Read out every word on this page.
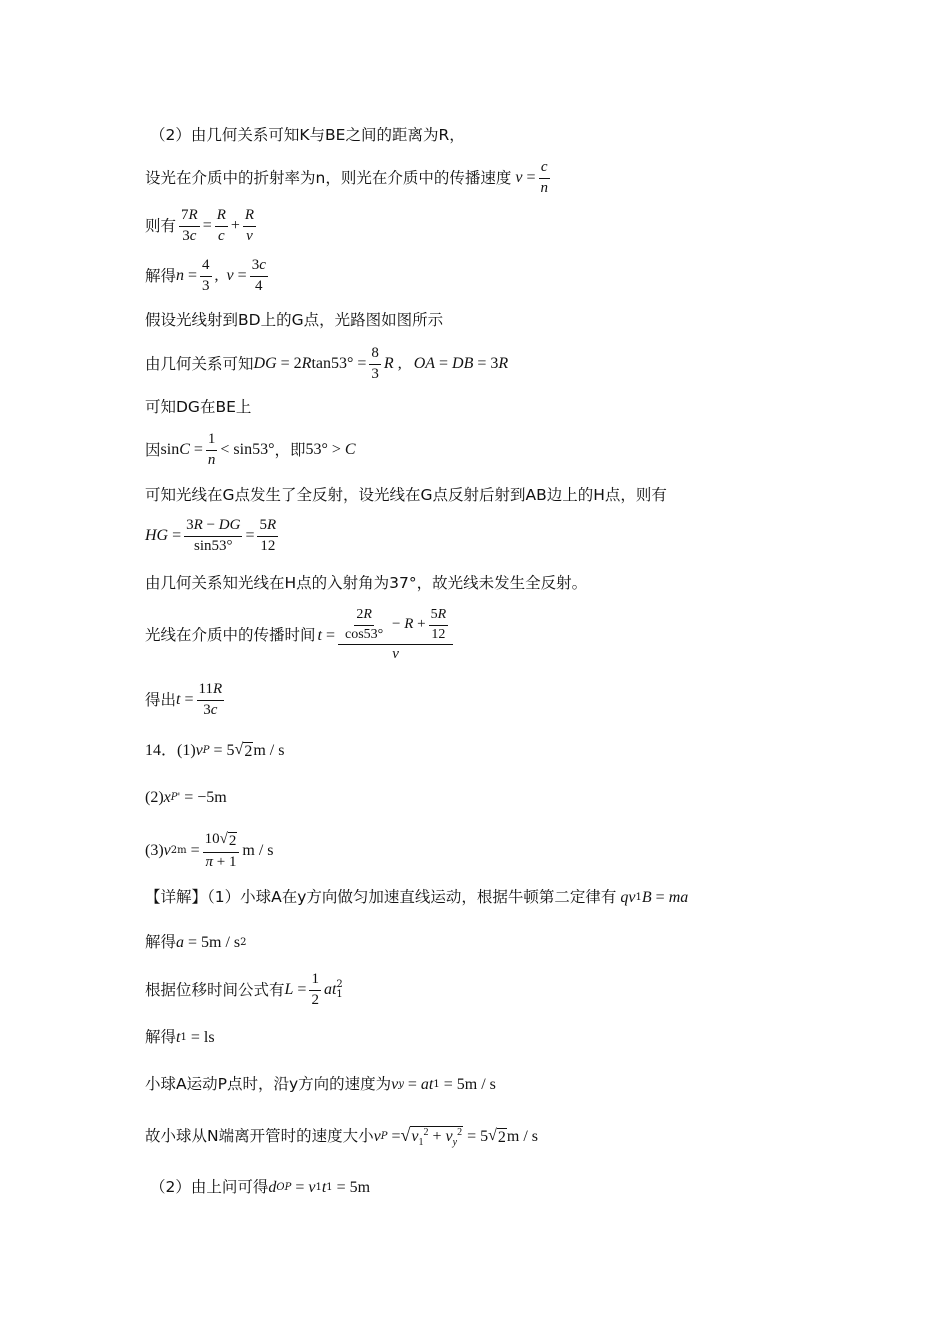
（2）由几何关系可知K与BE之间的距离为R，
设光在介质中的折射率为n，则光在介质中的传播速度 $v = \frac{c}{n}$
则有 $\frac{7R}{3c} = \frac{R}{c} + \frac{R}{v}$
解得 $n = \frac{4}{3}$ , $v = \frac{3c}{4}$
假设光线射到BD上的G点，光路图如图所示
由几何关系可知 DG = $2Rtan53^\circ = \frac{8}{3}$ R ,   OA = DB = 3R
可知DG在BE上
因 $\sin C = \frac{1}{n} < \sin 53^\circ$ ，即 53° > C
可知光线在G点发生了全反射，设光线在G点反射后射到AB边上的H点，则有
HG = $\frac{3R - DG}{\sin 53^\circ} = \frac{5R}{12}$
由几何关系知光线在H点的入射角为37°，故光线未发生全反射。
光线在介质中的传播时间 $t = \frac{\frac{2R}{\cos 53^\circ} - R + \frac{5R}{12}}{v}$
得出 $t = \frac{11R}{3c}$
14．(1) v P = 5 √ 2 m / s
(2) x P' = −5m
(3) v $2m = \frac{10 √ 2}{\pi + 1}$ m / s
【详解】（1）小球A在y方向做匀加速直线运动，根据牛顿第二定律有 qv 1 B = ma
解得 a = 5m / s 2
根据位移时间公式有 $L = \frac{1}{2}$ at 2
1
解得 t 1 = ls
小球A运动P点时，沿y方向的速度为 v y = at 1 = 5m / s
故小球从N端离开管时的速度大小 v P = √ $v_1^2 + v_y^2 = 5$ √ 2 m / s
（2）由上问可得 d OP = v 1 t 1 = 5m
